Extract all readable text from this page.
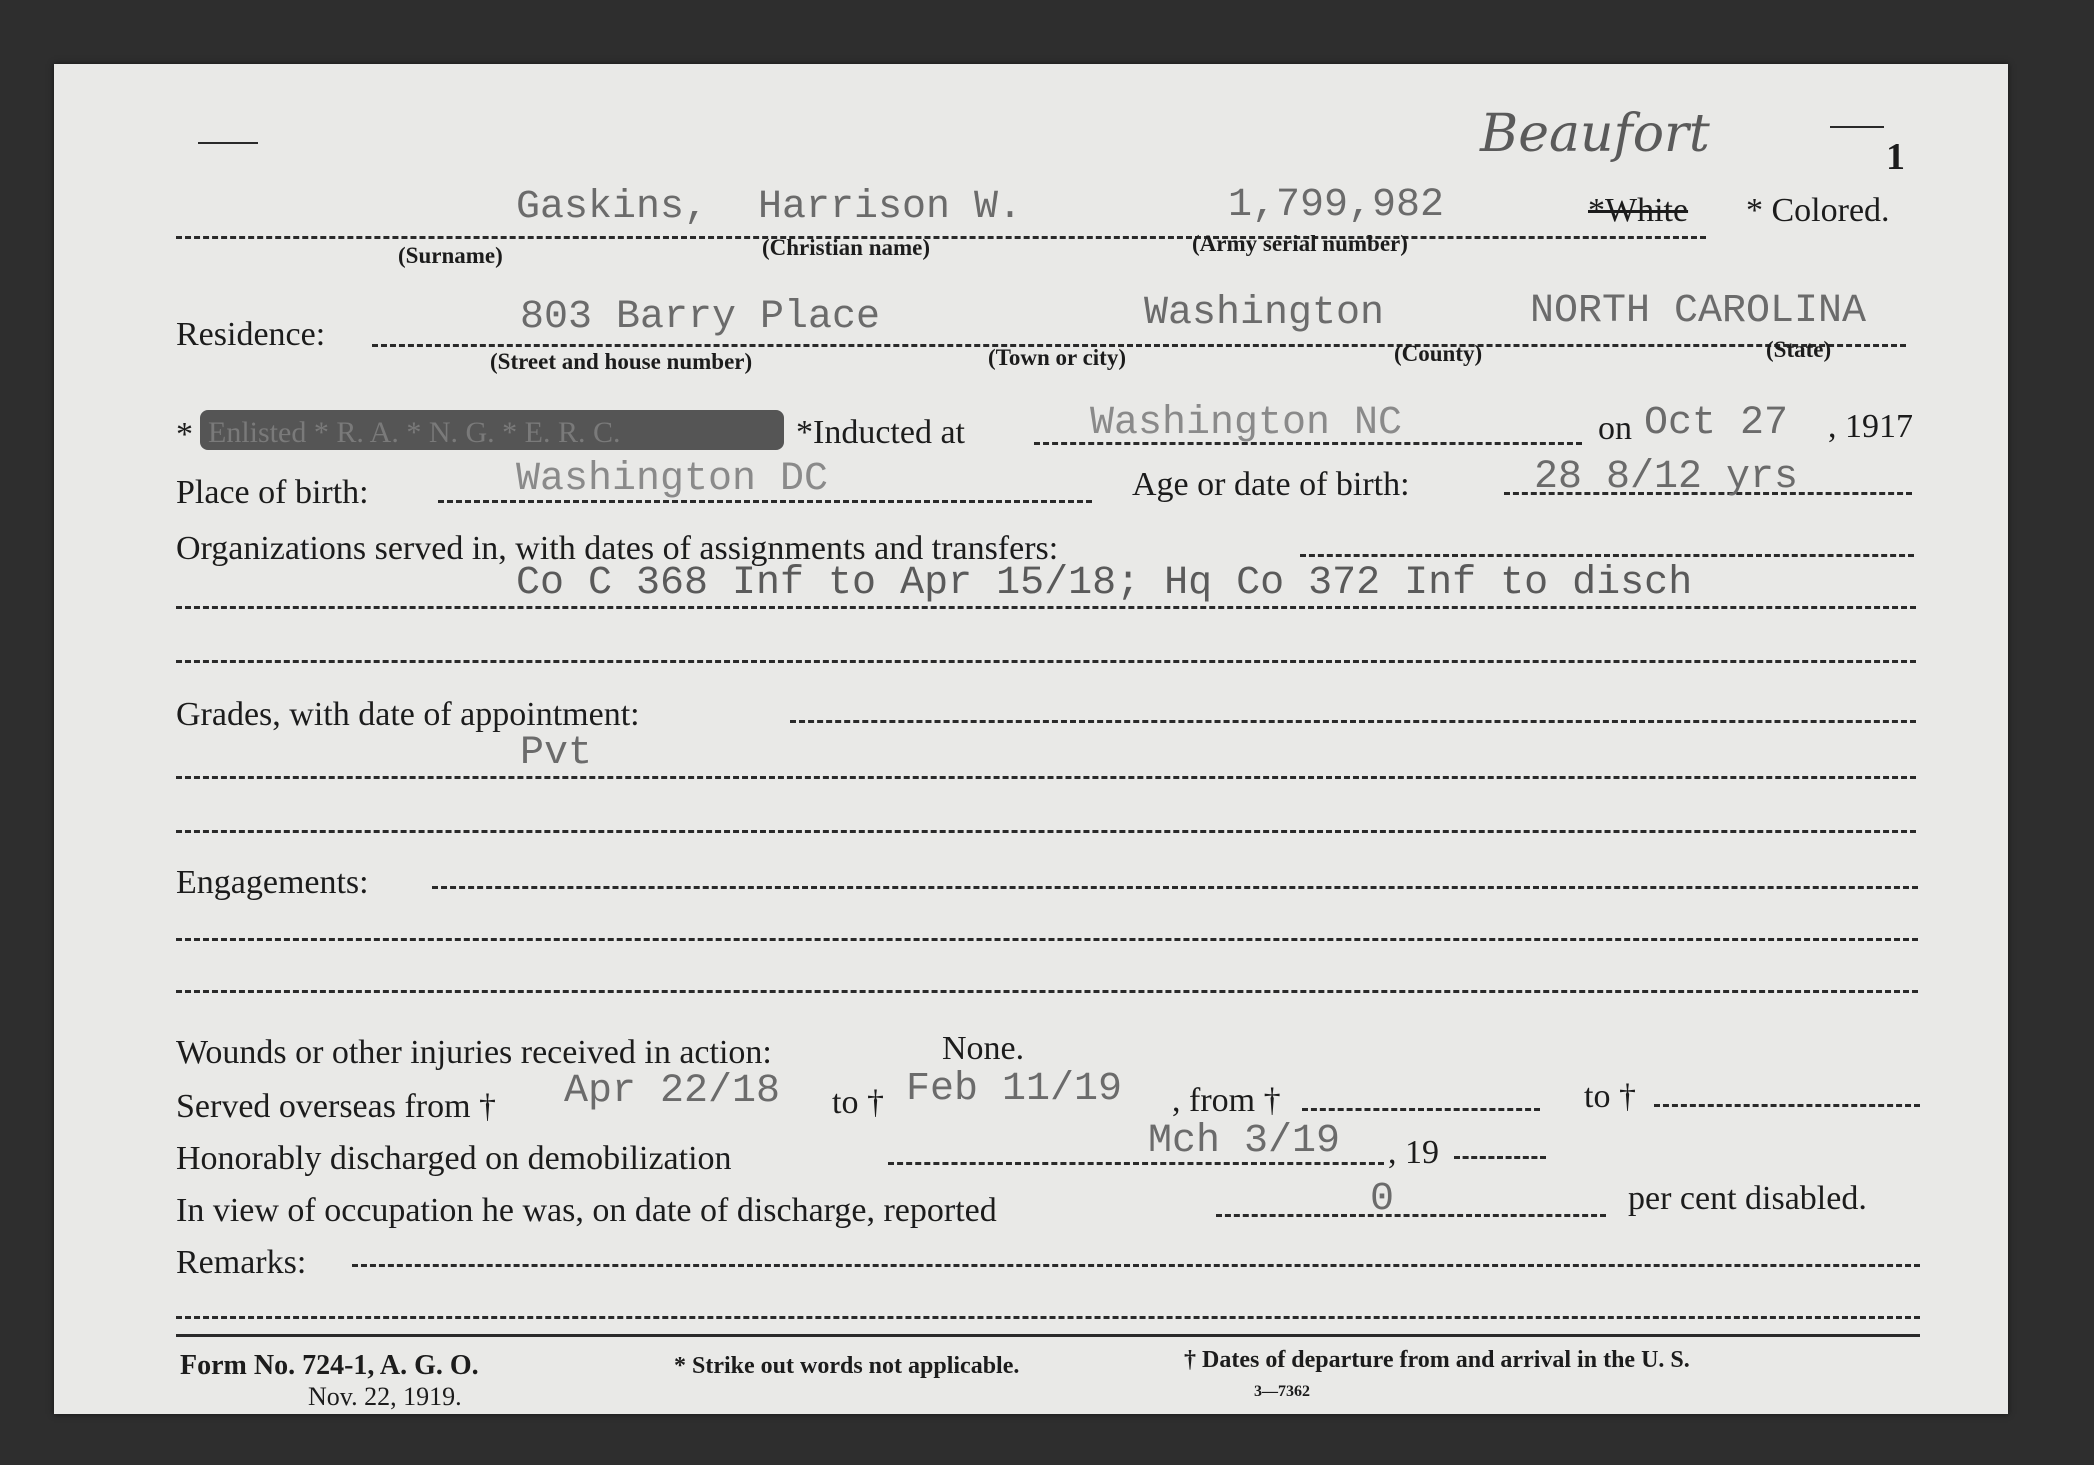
Beaufort	1
Gaskins, Harrison W.	1,799,982	*White * Colored.
(Surname)	(Christian name)	(Army serial number)
Residence:	803 Barry Place	Washington	NORTH CAROLINA
(Street and house number)	(Town or city)	(County)	(State)
* Enlisted * R. A. * N. G. * E. R. C.	*Inducted at	Washington NC	on Oct 27 , 1917
Place of birth:	Washington DC	Age or date of birth:	28 8/12 yrs
Organizations served in, with dates of assignments and transfers:
Co C 368 Inf to Apr 15/18; Hq Co 372 Inf to disch
Grades, with date of appointment:
Pvt
Engagements:
Wounds or other injuries received in action:	None.
Served overseas from † Apr 22/18 to † Feb 11/19 , from †	to †
Honorably discharged on demobilization	Mch 3/19 , 19
In view of occupation he was, on date of discharge, reported	0	per cent disabled.
Remarks:
Form No. 724-1, A. G. O.
Nov. 22, 1919.
* Strike out words not applicable.	† Dates of departure from and arrival in the U. S.
3—7362
